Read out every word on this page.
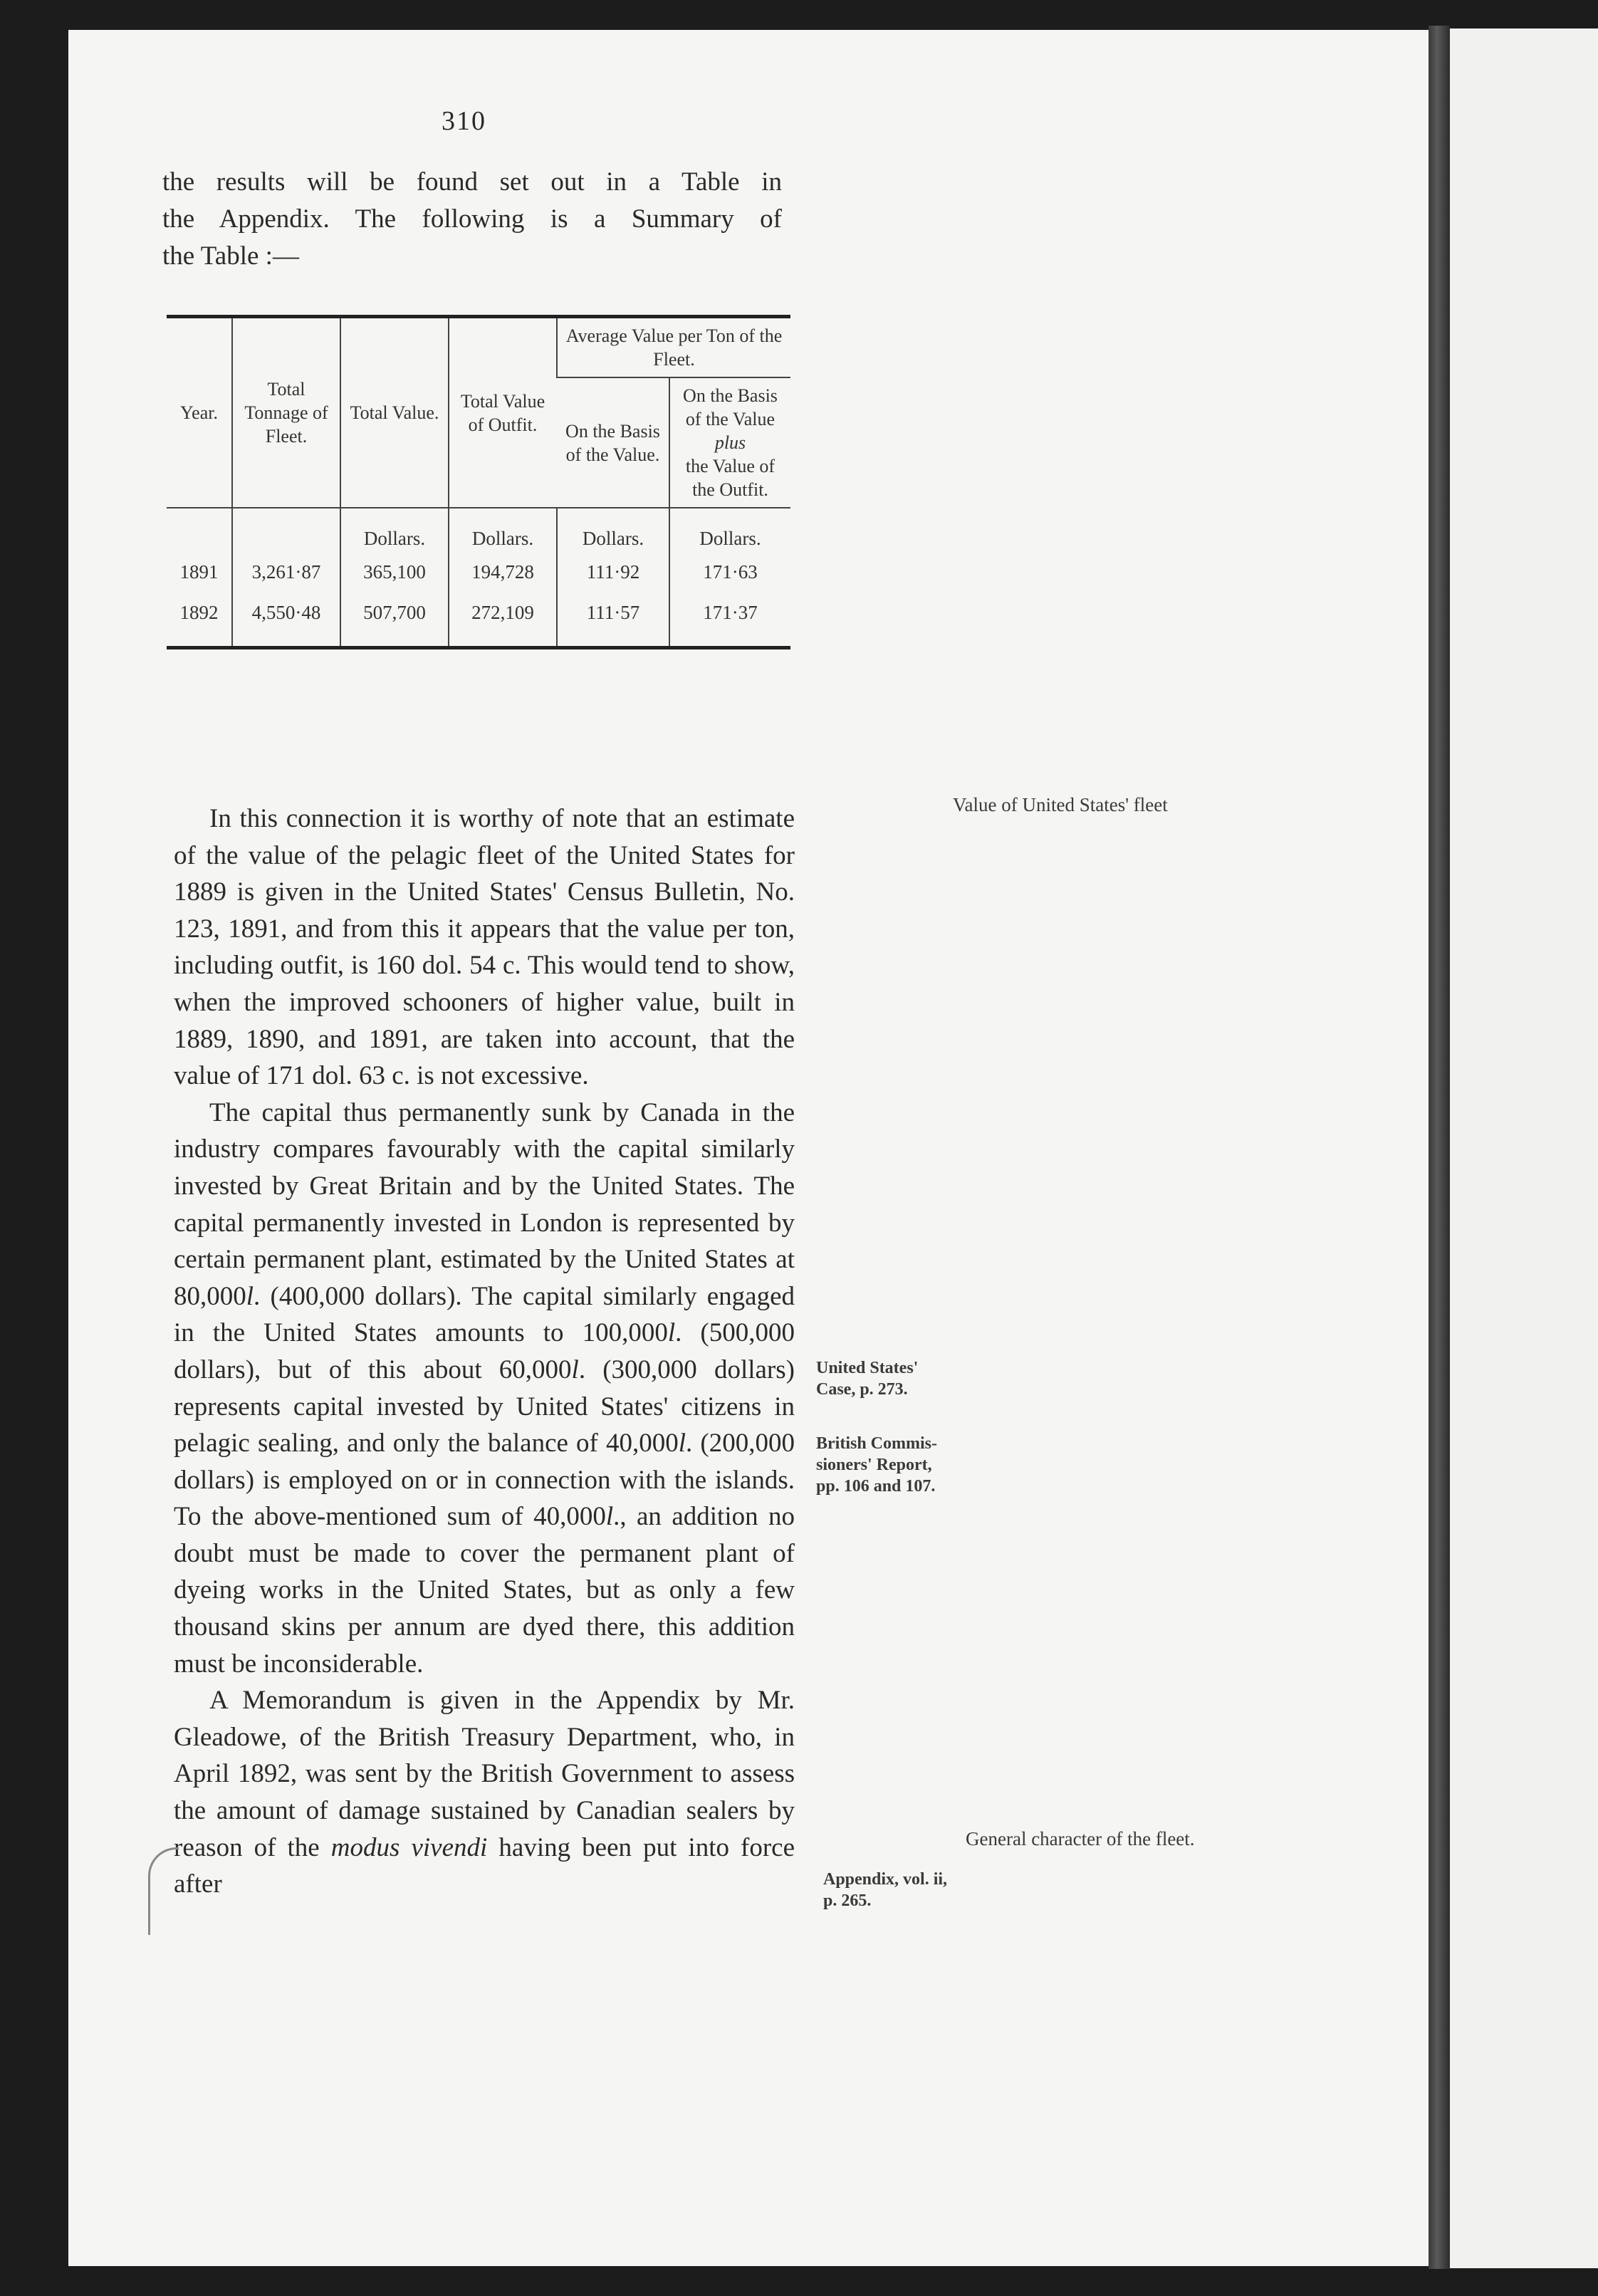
310
the results will be found set out in a Table in
the Appendix. The following is a Summary of
the Table :—
Year.	Total Tonnage of Fleet.	Total Value.	Total Value of Outfit.	Average Value per Ton of the Fleet.	
				On the Basis of the Value.	On the Basis of the Value
plus
the Value of the Outfit.
		Dollars.	Dollars.	Dollars.	Dollars.
1891	3,261·87	365,100	194,728	111·92	171·63
1892	4,550·48	507,700	272,109	111·57	171·37

In this connection it is worthy of note that an estimate of the value of the pelagic fleet of the United States for 1889 is given in the United States' Census Bulletin, No. 123, 1891, and from this it appears that the value per ton, including outfit, is 160 dol. 54 c. This would tend to show, when the improved schooners of higher value, built in 1889, 1890, and 1891, are taken into account, that the value of 171 dol. 63 c. is not excessive.

The capital thus permanently sunk by Canada in the industry compares favourably with the capital similarly invested by Great Britain and by the United States. The capital permanently invested in London is represented by certain permanent plant, estimated by the United States at 80,000l. (400,000 dollars). The capital similarly engaged in the United States amounts to 100,000l. (500,000 dollars), but of this about 60,000l. (300,000 dollars) represents capital invested by United States' citizens in pelagic sealing, and only the balance of 40,000l. (200,000 dollars) is employed on or in connection with the islands. To the above-mentioned sum of 40,000l., an addition no doubt must be made to cover the permanent plant of dyeing works in the United States, but as only a few thousand skins per annum are dyed there, this addition must be inconsiderable.

A Memorandum is given in the Appendix by Mr. Gleadowe, of the British Treasury Department, who, in April 1892, was sent by the British Government to assess the amount of damage sustained by Canadian sealers by reason of the modus vivendi having been put into force after

Value of United States' fleet
United States'
Case, p. 273.
British Commis-
sioners' Report,
pp. 106 and 107.
General character of the fleet.
Appendix, vol. ii,
p. 265.
